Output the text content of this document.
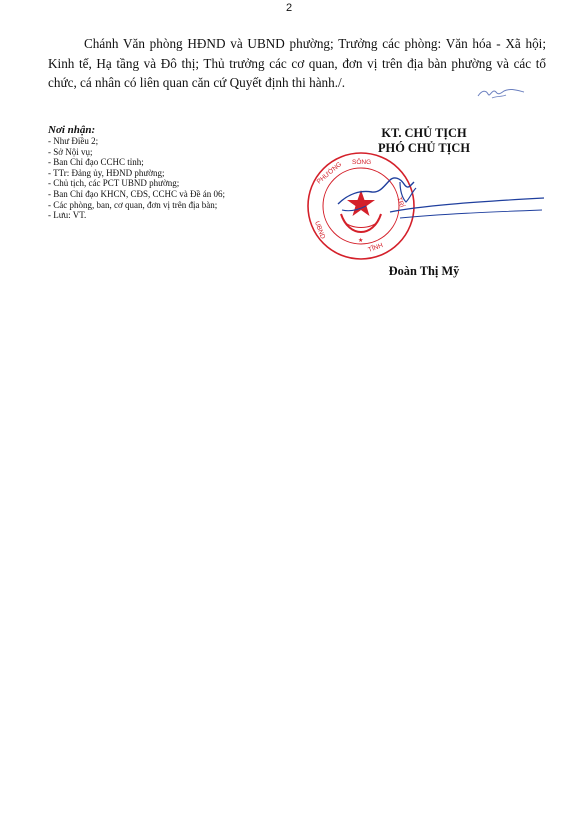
2

Chánh Văn phòng HĐND và UBND phường; Trưởng các phòng: Văn hóa - Xã hội; Kinh tế, Hạ tầng và Đô thị; Thủ trưởng các cơ quan, đơn vị trên địa bàn phường và các tổ chức, cá nhân có liên quan căn cứ Quyết định thi hành./.

Nơi nhận:
- Như Điều 2;
- Sở Nội vụ;
- Ban Chỉ đạo CCHC tỉnh;
- TTr: Đảng ủy, HĐND phường;
- Chủ tịch, các PCT UBND phường;
- Ban Chỉ đạo KHCN, CĐS, CCHC và Đề án 06;
- Các phòng, ban, cơ quan, đơn vị trên địa bàn;
- Lưu: VT.
KT. CHỦ TỊCH
PHÓ CHỦ TỊCH
PHƯỜNG SÔNG
TRÍ
TĨNH
UBND
★
Đoàn Thị Mỹ
